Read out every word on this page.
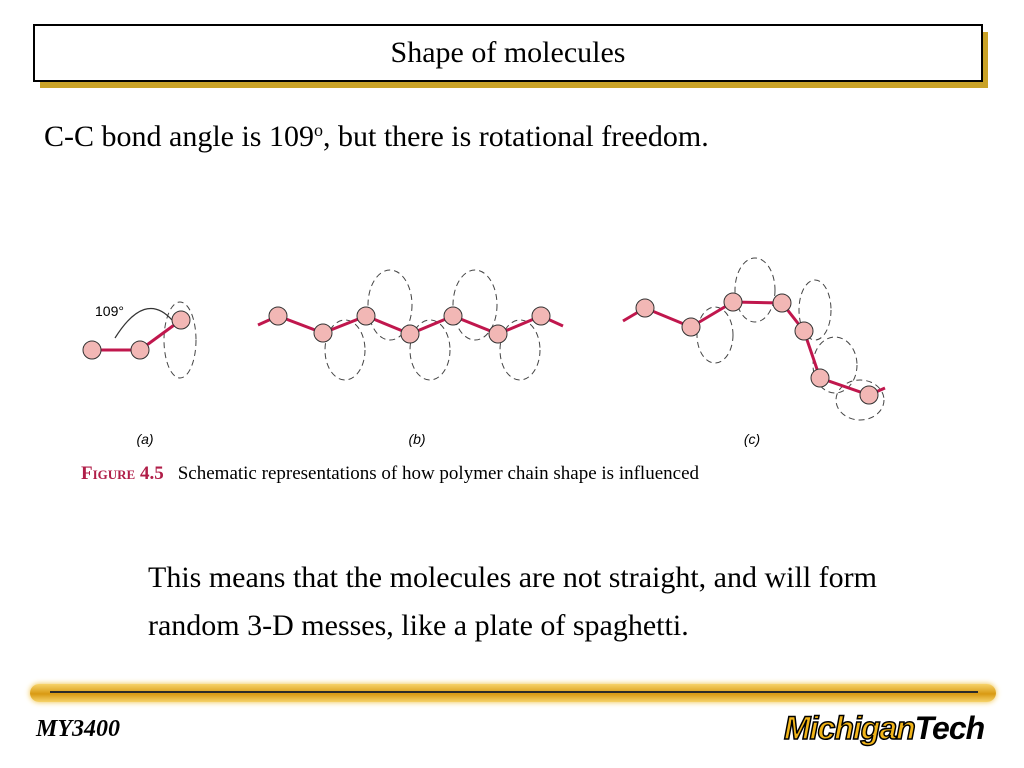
Shape of molecules
C-C bond angle is 109$^o$, but there is rotational freedom.
109°
(a)	(b)	(c)
Figure 4.5 Schematic representations of how polymer chain shape is influenced
This means that the molecules are not straight, and will form random 3-D messes, like a plate of spaghetti.
MY3400	MichiganTech
